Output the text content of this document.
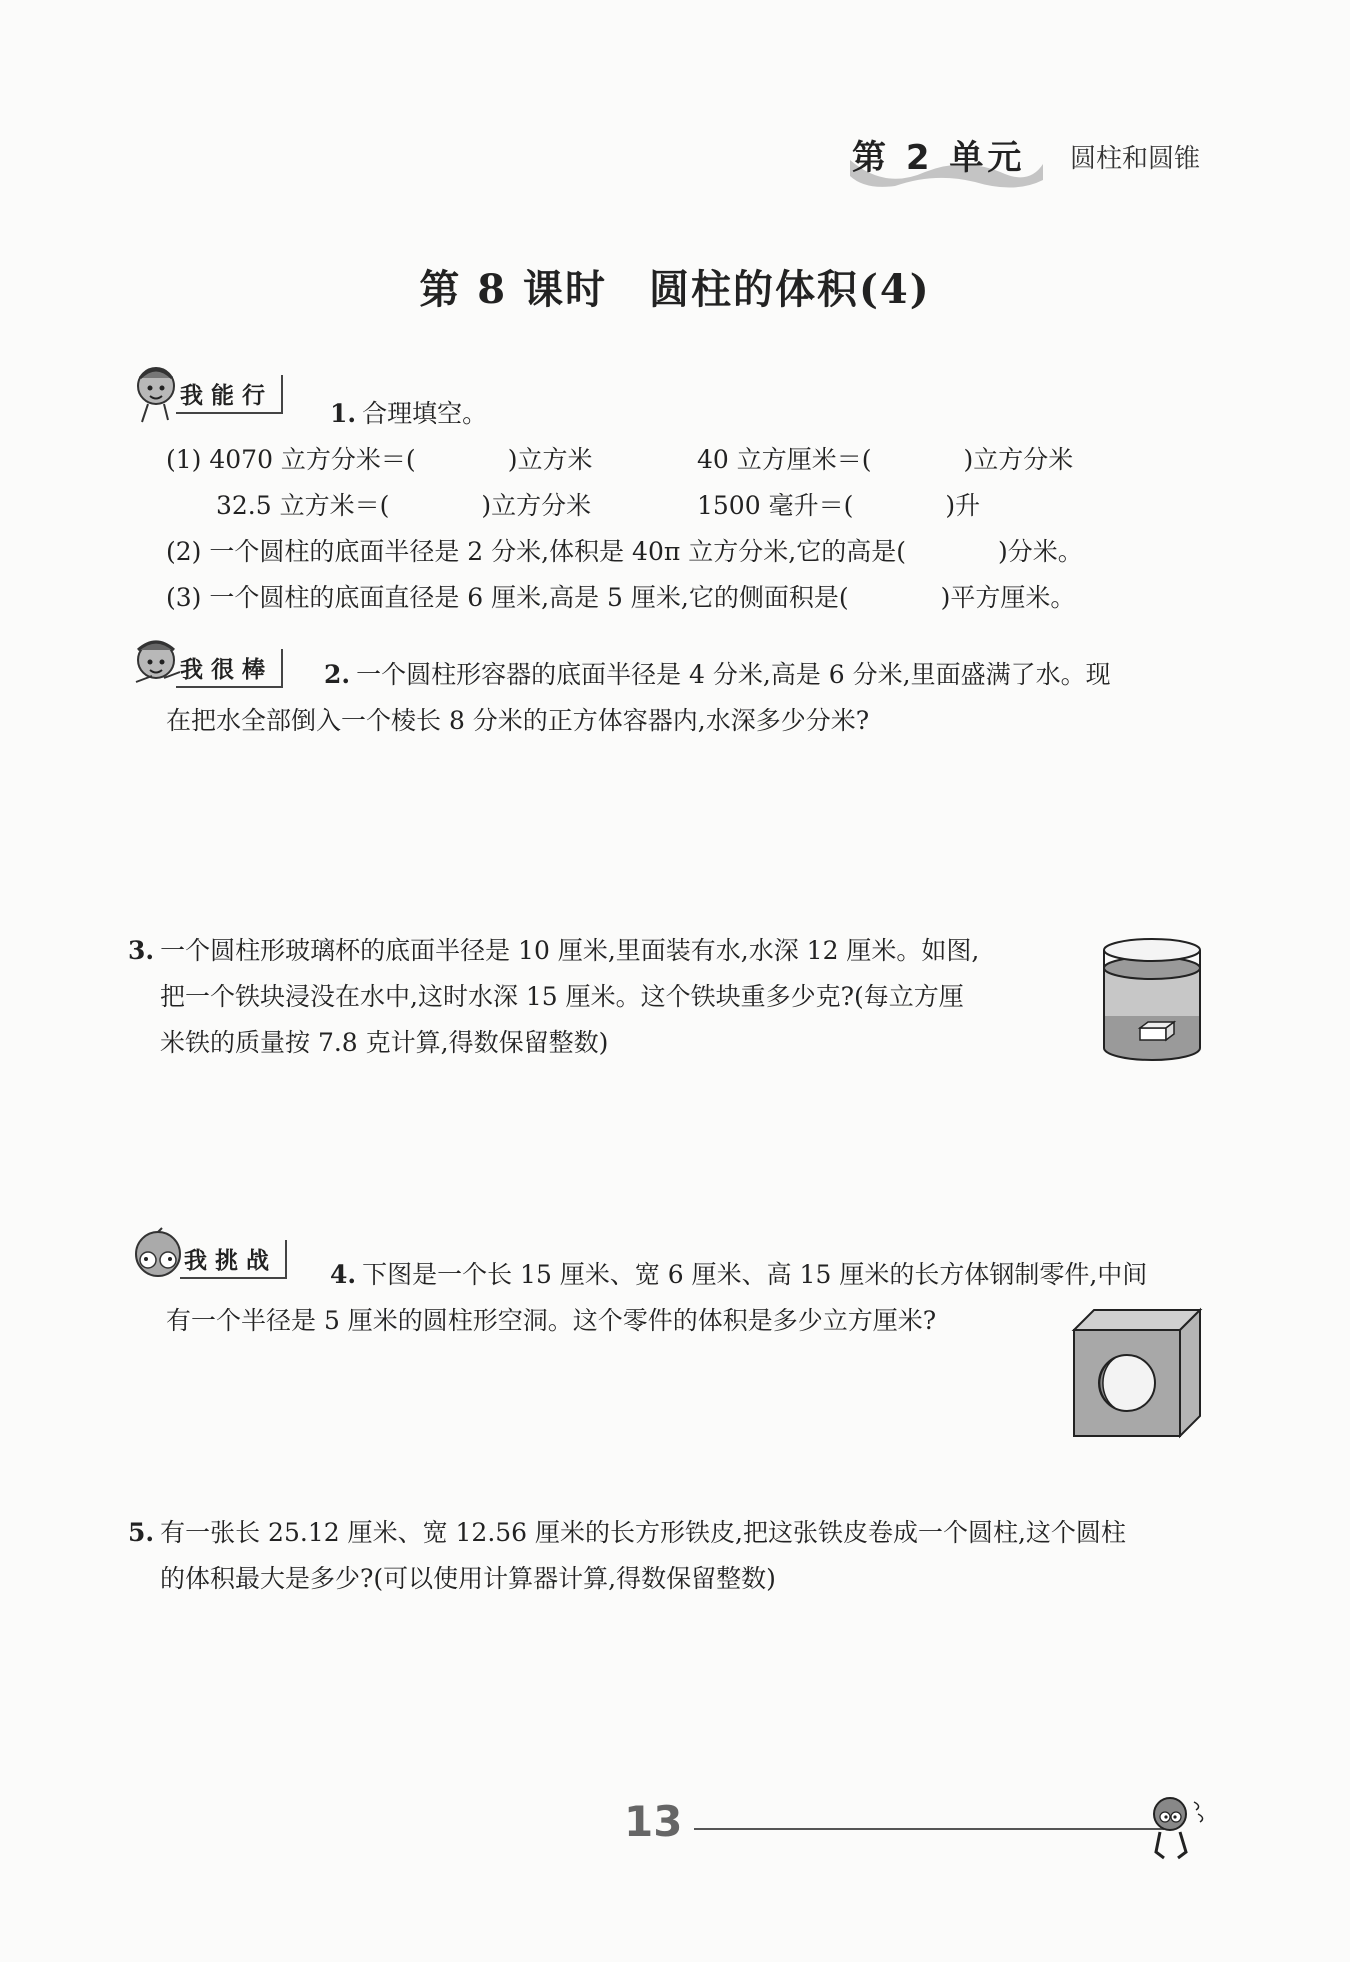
第 2 单元 圆柱和圆锥
第 8 课时　圆柱的体积(4)
我能行
1. 合理填空。
(1) 4070 立方分米＝(	)立方米	40 立方厘米＝(	)立方分米
32.5 立方米＝(	)立方分米	1500 毫升＝(	)升
(2) 一个圆柱的底面半径是 2 分米,体积是 40π 立方分米,它的高是(	)分米。
(3) 一个圆柱的底面直径是 6 厘米,高是 5 厘米,它的侧面积是(	)平方厘米。
我很棒	2. 一个圆柱形容器的底面半径是 4 分米,高是 6 分米,里面盛满了水。现
在把水全部倒入一个棱长 8 分米的正方体容器内,水深多少分米?
3. 一个圆柱形玻璃杯的底面半径是 10 厘米,里面装有水,水深 12 厘米。如图,
把一个铁块浸没在水中,这时水深 15 厘米。这个铁块重多少克?(每立方厘
米铁的质量按 7.8 克计算,得数保留整数)
我挑战	4. 下图是一个长 15 厘米、宽 6 厘米、高 15 厘米的长方体钢制零件,中间
有一个半径是 5 厘米的圆柱形空洞。这个零件的体积是多少立方厘米?
5. 有一张长 25.12 厘米、宽 12.56 厘米的长方形铁皮,把这张铁皮卷成一个圆柱,这个圆柱
的体积最大是多少?(可以使用计算器计算,得数保留整数)
13
